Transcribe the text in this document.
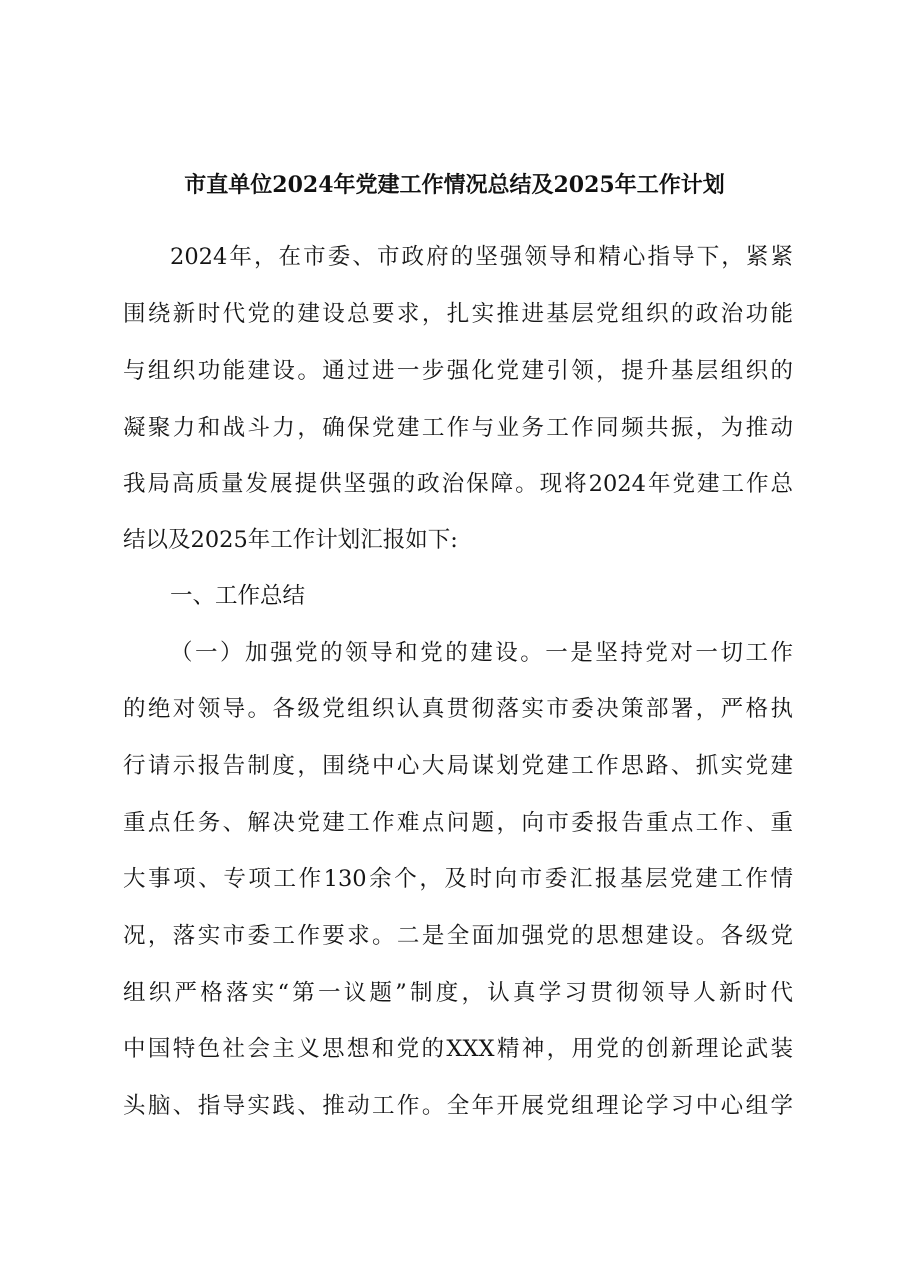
市直单位2024年党建工作情况总结及2025年工作计划
2024年，在市委、市政府的坚强领导和精心指导下，紧紧
围绕新时代党的建设总要求，扎实推进基层党组织的政治功能
与组织功能建设。通过进一步强化党建引领，提升基层组织的
凝聚力和战斗力，确保党建工作与业务工作同频共振，为推动
我局高质量发展提供坚强的政治保障。现将2024年党建工作总
结以及2025年工作计划汇报如下:
一、工作总结
（一）加强党的领导和党的建设。一是坚持党对一切工作
的绝对领导。各级党组织认真贯彻落实市委决策部署，严格执
行请示报告制度，围绕中心大局谋划党建工作思路、抓实党建
重点任务、解决党建工作难点问题，向市委报告重点工作、重
大事项、专项工作130余个，及时向市委汇报基层党建工作情
况，落实市委工作要求。二是全面加强党的思想建设。各级党
组织严格落实“第一议题”制度，认真学习贯彻领导人新时代
中国特色社会主义思想和党的XXX精神，用党的创新理论武装
头脑、指导实践、推动工作。全年开展党组理论学习中心组学
